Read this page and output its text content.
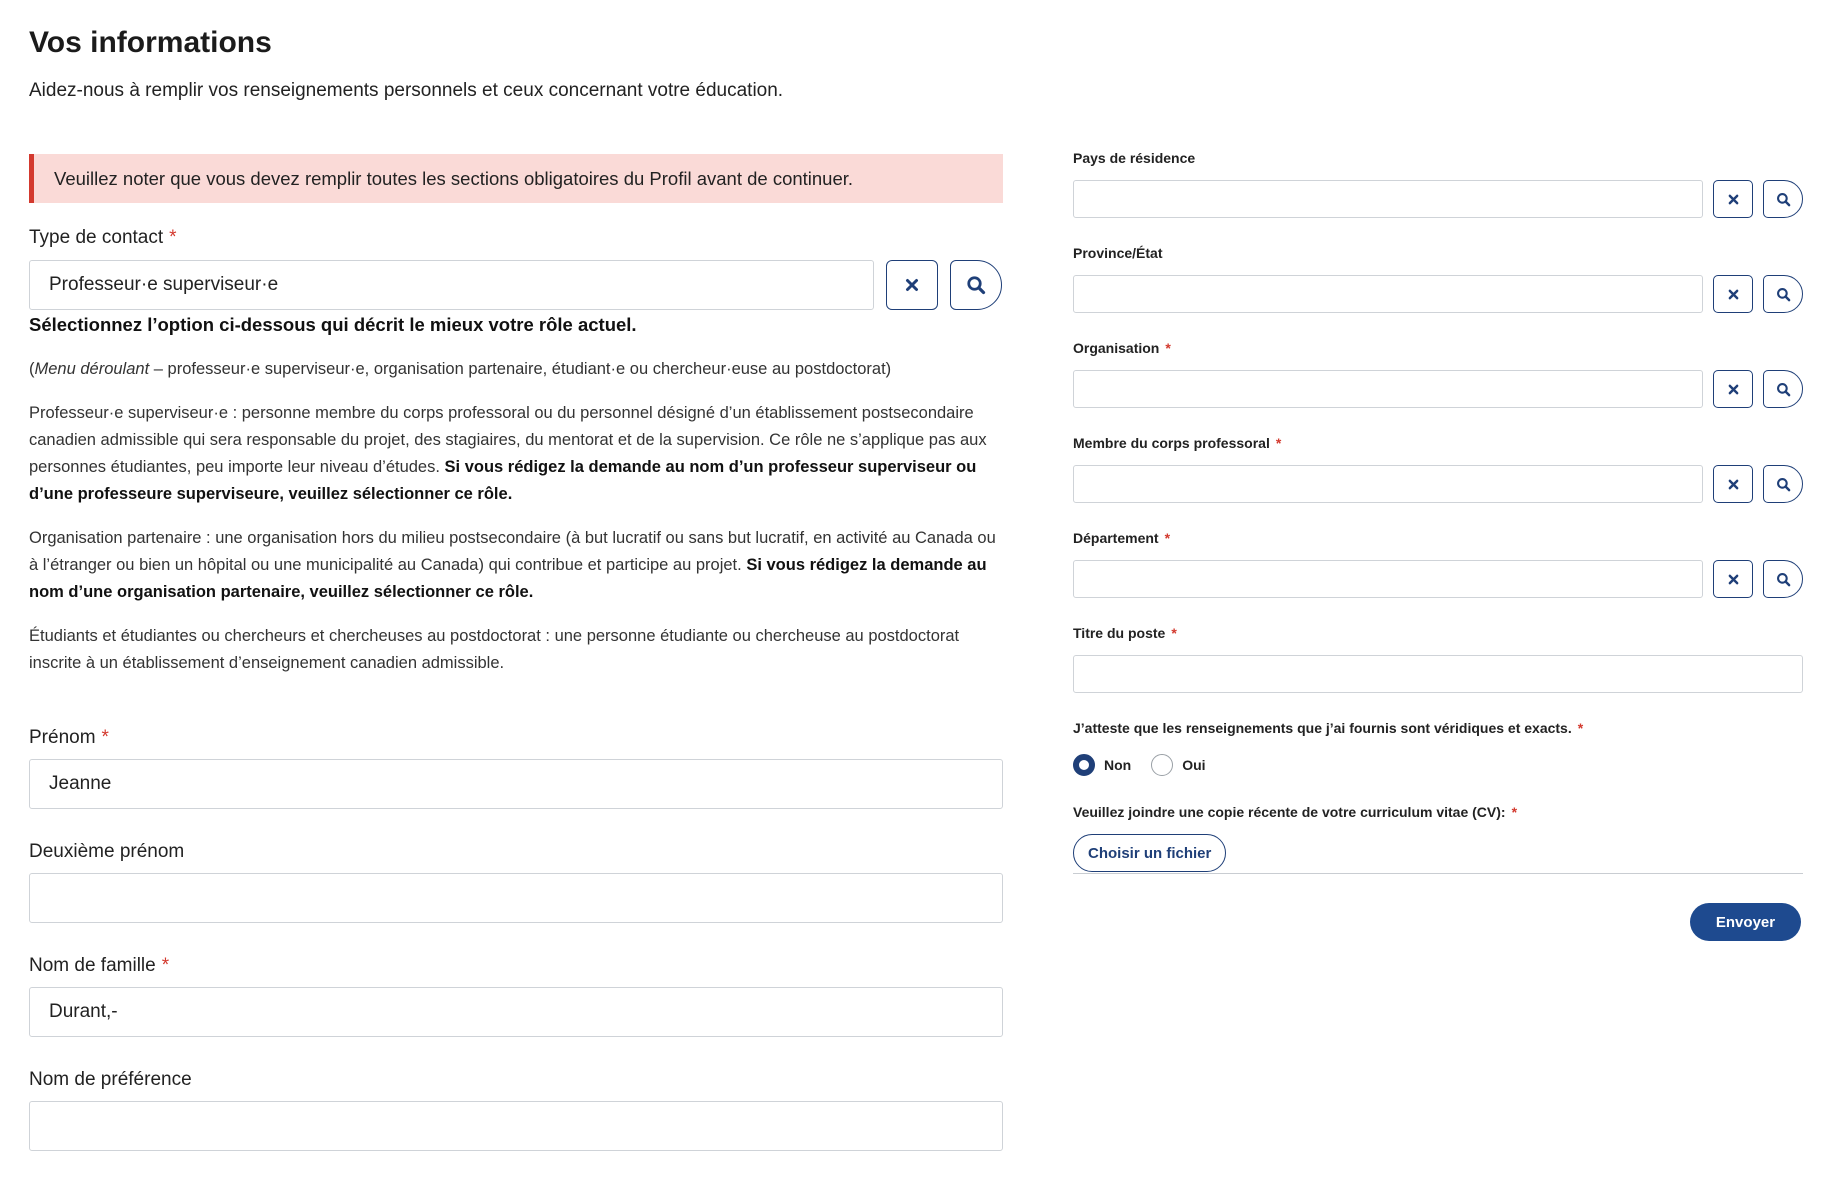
Vos informations
Aidez-nous à remplir vos renseignements personnels et ceux concernant votre éducation.
Veuillez noter que vous devez remplir toutes les sections obligatoires du Profil avant de continuer.
Type de contact *
Professeur·e superviseur·e
Sélectionnez l’option ci-dessous qui décrit le mieux votre rôle actuel.

(Menu déroulant – professeur·e superviseur·e, organisation partenaire, étudiant·e ou chercheur·euse au postdoctorat)

Professeur·e superviseur·e : personne membre du corps professoral ou du personnel désigné d’un établissement postsecondaire canadien admissible qui sera responsable du projet, des stagiaires, du mentorat et de la supervision. Ce rôle ne s’applique pas aux personnes étudiantes, peu importe leur niveau d’études. Si vous rédigez la demande au nom d’un professeur superviseur ou d’une professeure superviseure, veuillez sélectionner ce rôle.

Organisation partenaire : une organisation hors du milieu postsecondaire (à but lucratif ou sans but lucratif, en activité au Canada ou à l’étranger ou bien un hôpital ou une municipalité au Canada) qui contribue et participe au projet. Si vous rédigez la demande au nom d’une organisation partenaire, veuillez sélectionner ce rôle.

Étudiants et étudiantes ou chercheurs et chercheuses au postdoctorat : une personne étudiante ou chercheuse au postdoctorat inscrite à un établissement d’enseignement canadien admissible.

Prénom *
Jeanne
Deuxième prénom
Nom de famille *
Durant,-
Nom de préférence
Pays de résidence
Province/État
Organisation *
Membre du corps professoral *
Département *
Titre du poste *
J’atteste que les renseignements que j’ai fournis sont véridiques et exacts. *
Non	Oui
Veuillez joindre une copie récente de votre curriculum vitae (CV): *
Choisir un fichier
Envoyer
